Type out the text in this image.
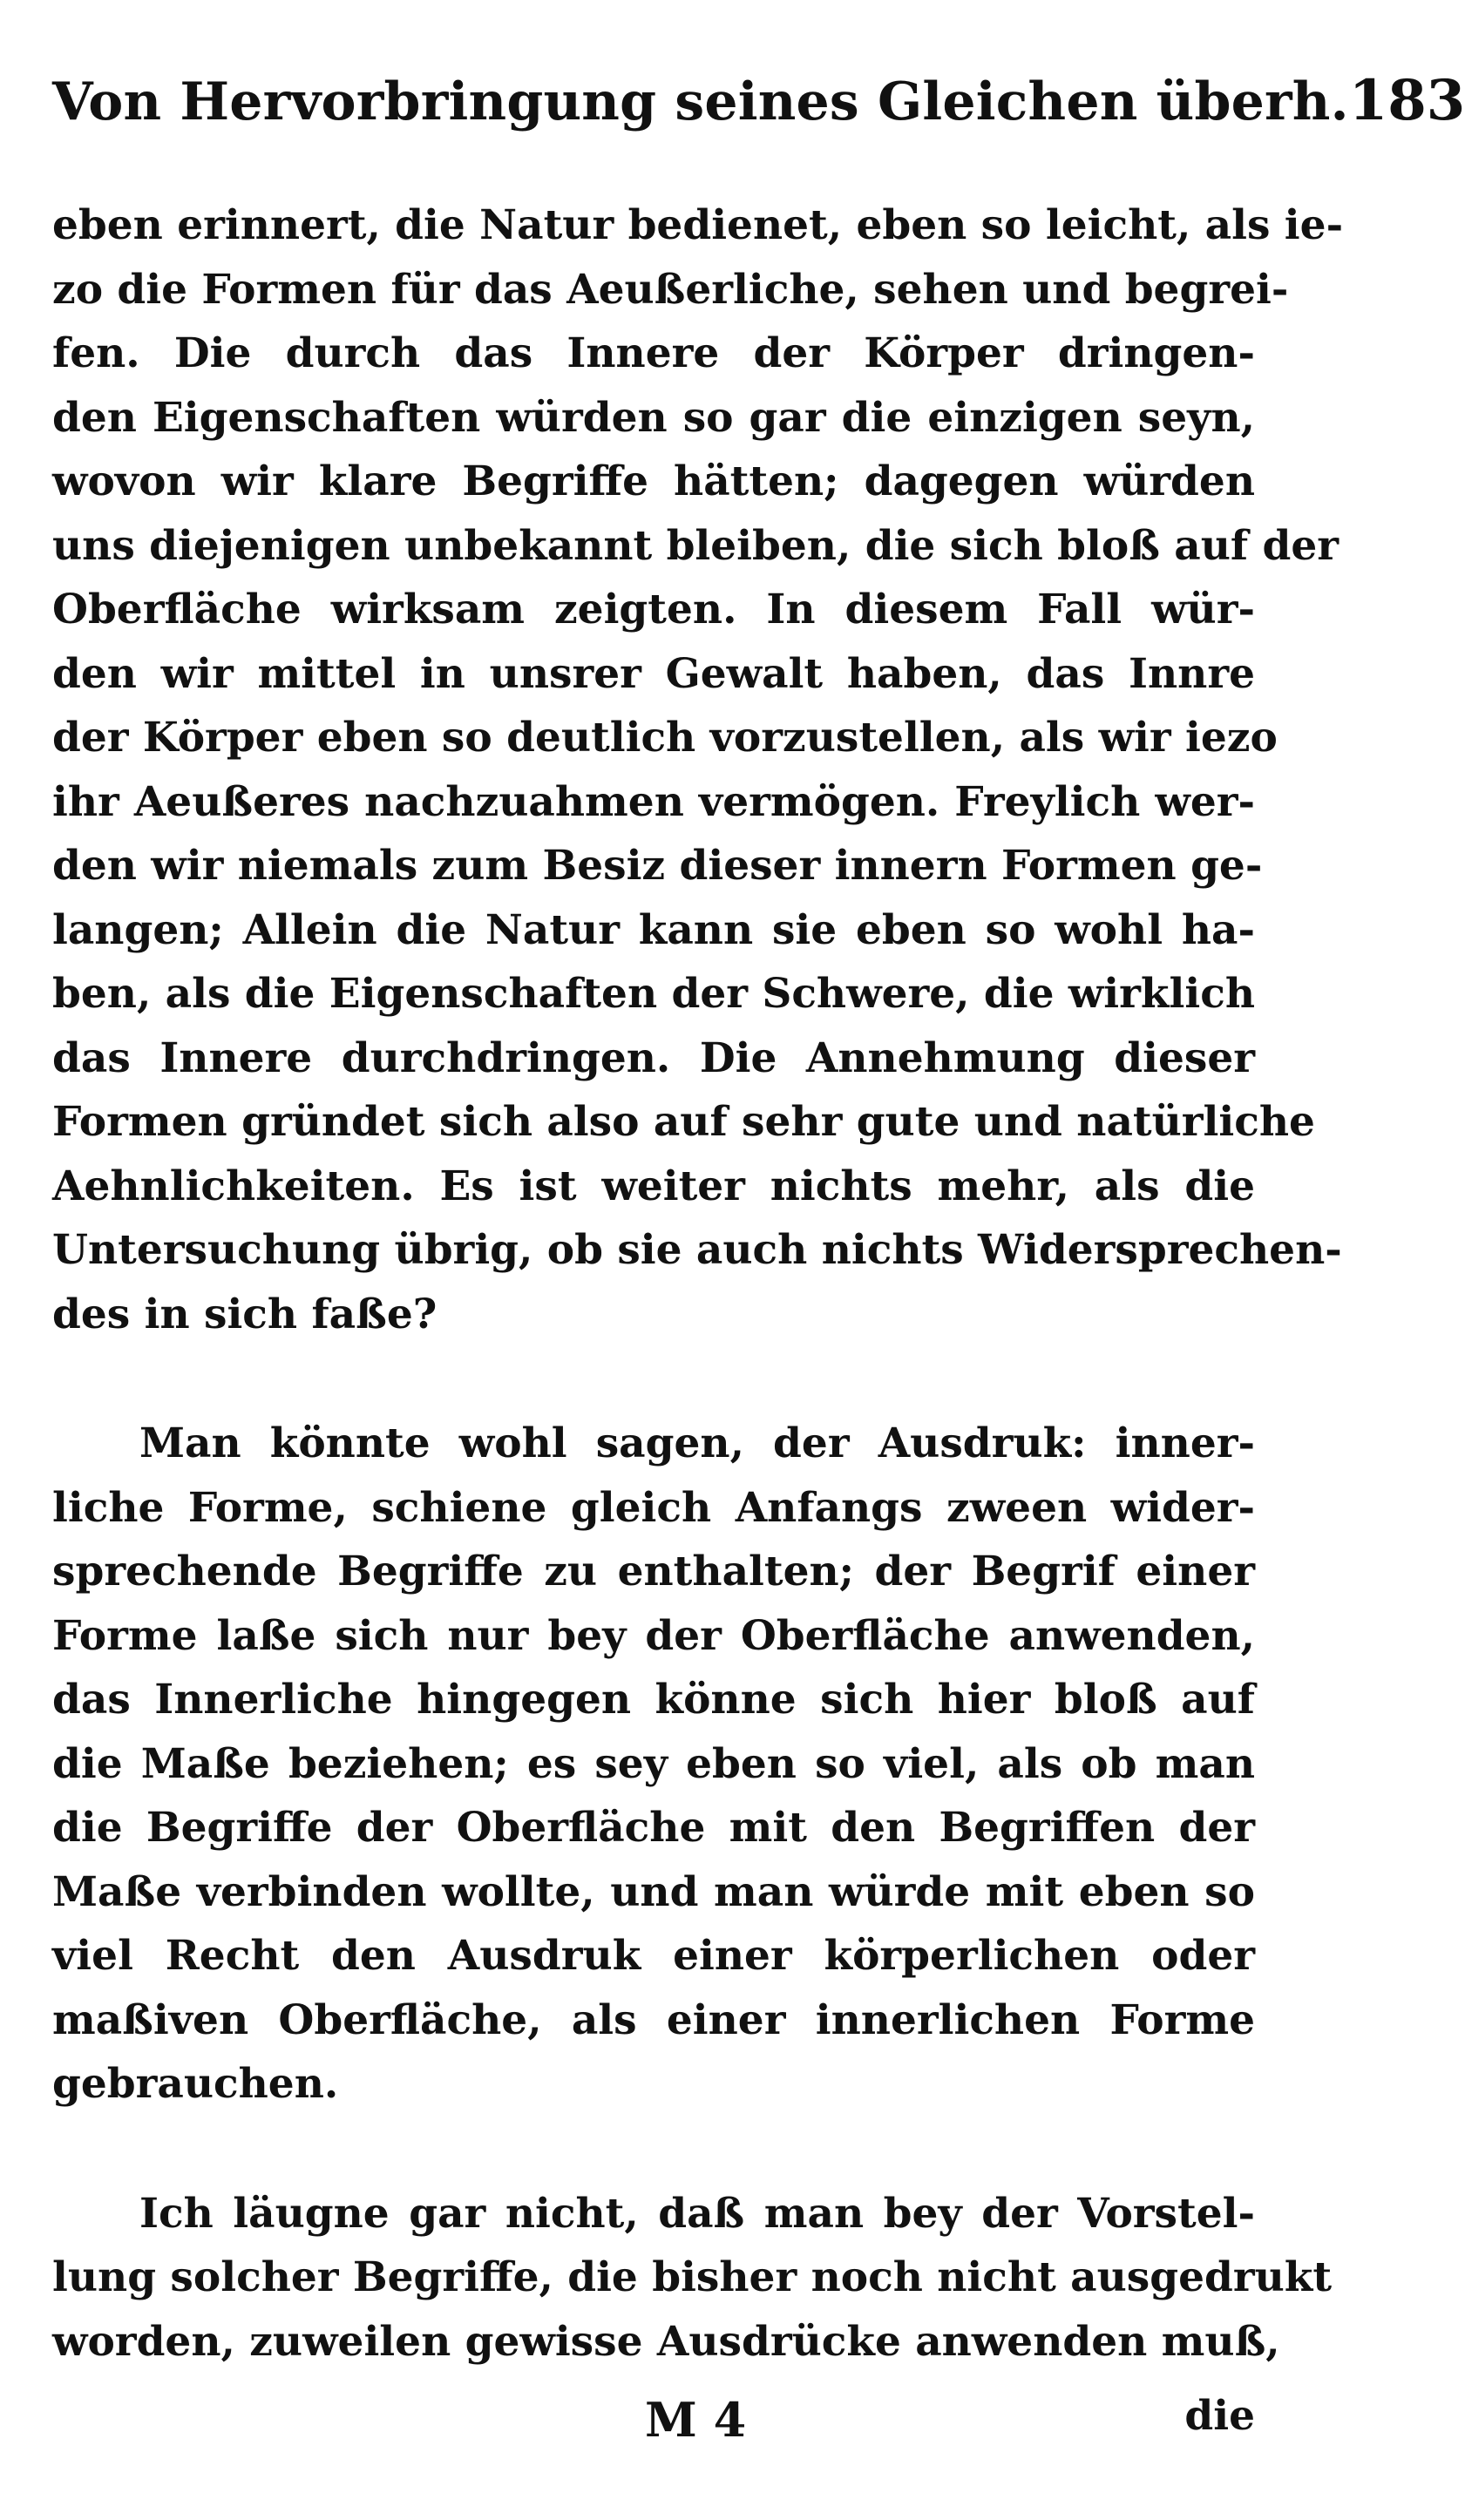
Von Hervorbringung seines Gleichen überh. 183
eben erinnert, die Natur bedienet, eben so leicht, als ie-
zo die Formen für das Aeußerliche, sehen und begrei-
fen. Die durch das Innere der Körper dringen-
den Eigenschaften würden so gar die einzigen seyn,
wovon wir klare Begriffe hätten; dagegen würden
uns diejenigen unbekannt bleiben, die sich bloß auf der
Oberfläche wirksam zeigten. In diesem Fall wür-
den wir mittel in unsrer Gewalt haben, das Innre
der Körper eben so deutlich vorzustellen, als wir iezo
ihr Aeußeres nachzuahmen vermögen. Freylich wer-
den wir niemals zum Besiz dieser innern Formen ge-
langen; Allein die Natur kann sie eben so wohl ha-
ben, als die Eigenschaften der Schwere, die wirklich
das Innere durchdringen. Die Annehmung dieser
Formen gründet sich also auf sehr gute und natürliche
Aehnlichkeiten. Es ist weiter nichts mehr, als die
Untersuchung übrig, ob sie auch nichts Widersprechen-
des in sich faße?
Man könnte wohl sagen, der Ausdruk: inner-
liche Forme, schiene gleich Anfangs zween wider-
sprechende Begriffe zu enthalten; der Begrif einer
Forme laße sich nur bey der Oberfläche anwenden,
das Innerliche hingegen könne sich hier bloß auf
die Maße beziehen; es sey eben so viel, als ob man
die Begriffe der Oberfläche mit den Begriffen der
Maße verbinden wollte, und man würde mit eben so
viel Recht den Ausdruk einer körperlichen oder
maßiven Oberfläche, als einer innerlichen Forme
gebrauchen.
Ich läugne gar nicht, daß man bey der Vorstel-
lung solcher Begriffe, die bisher noch nicht ausgedrukt
worden, zuweilen gewisse Ausdrücke anwenden muß,
M 4	die
